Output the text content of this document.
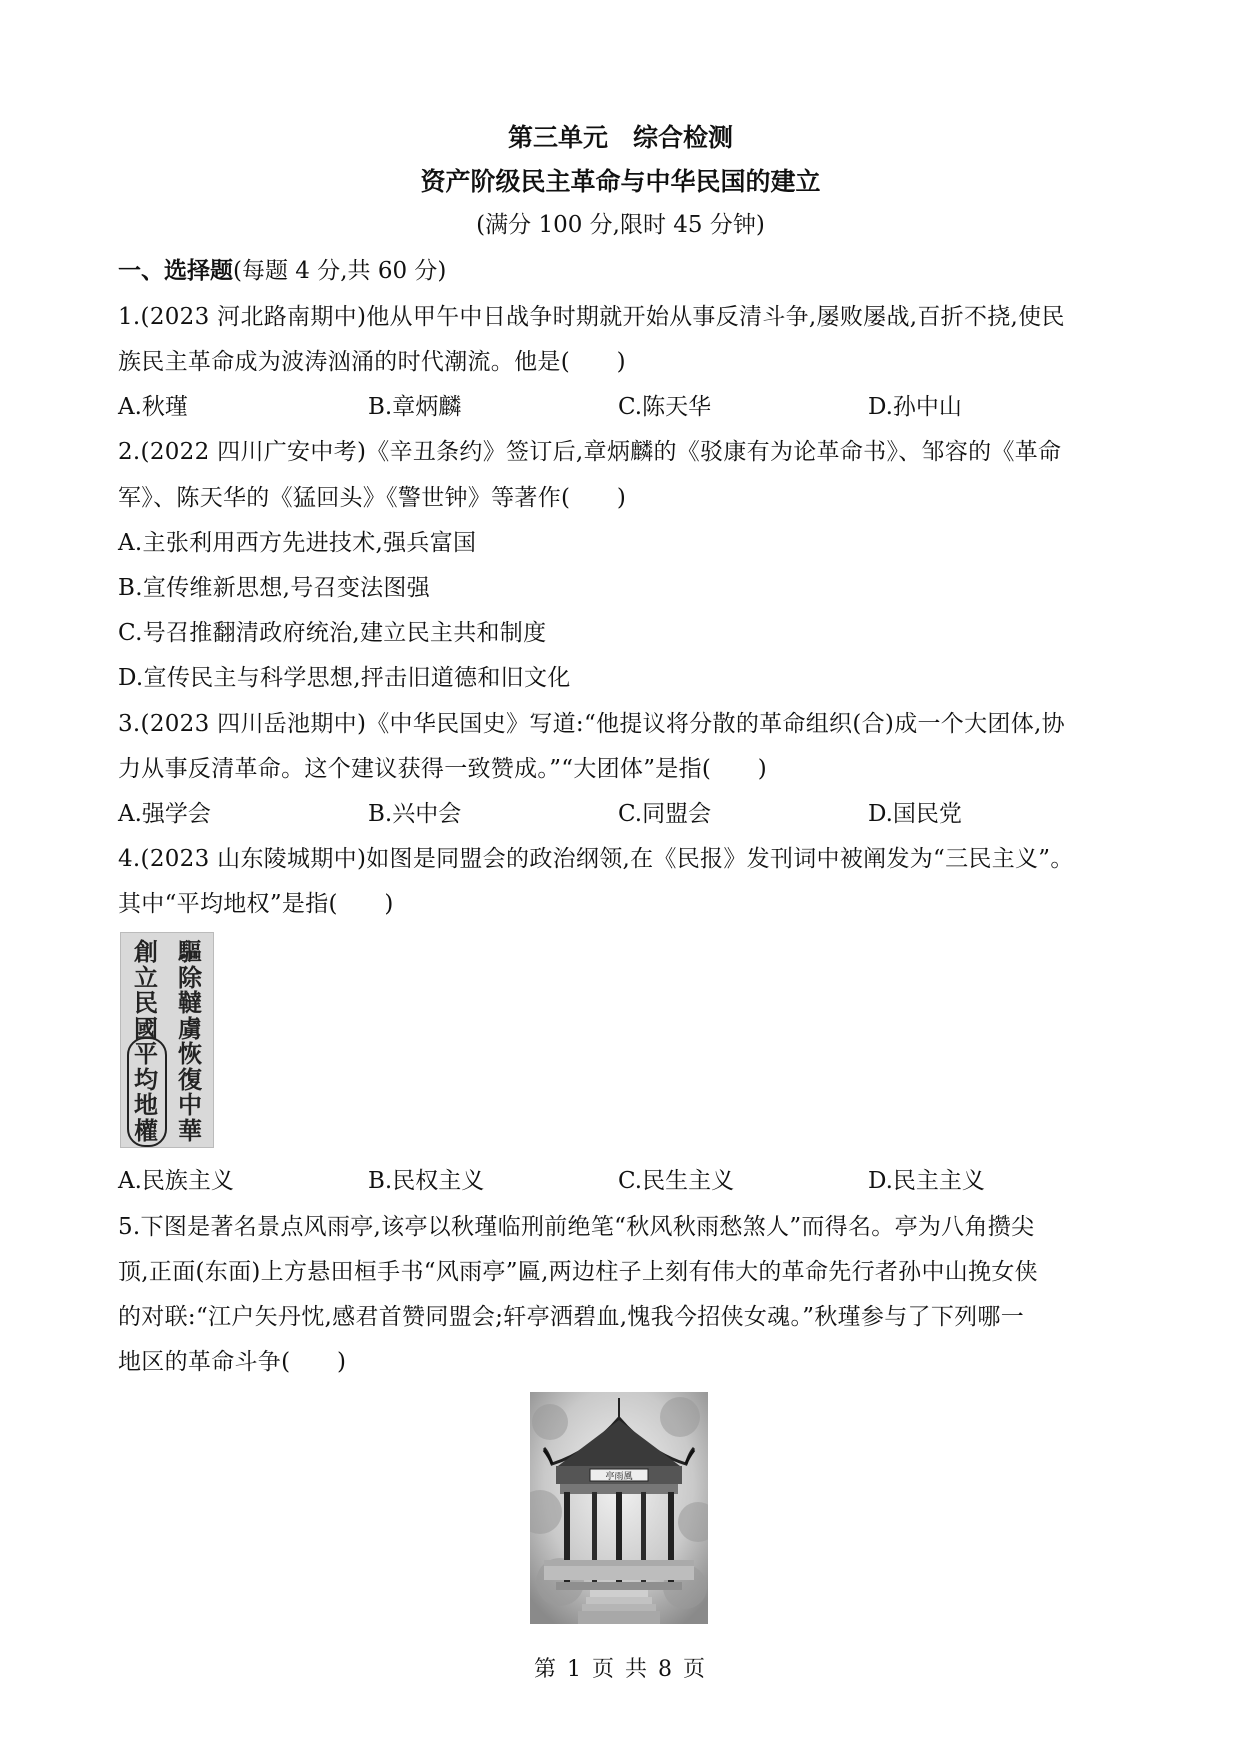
第三单元　综合检测
资产阶级民主革命与中华民国的建立
(满分 100 分,限时 45 分钟)
一、选择题(每题 4 分,共 60 分)
1.(2023 河北路南期中)他从甲午中日战争时期就开始从事反清斗争,屡败屡战,百折不挠,使民
族民主革命成为波涛汹涌的时代潮流。他是(　　)
A.秋瑾	B.章炳麟	C.陈天华	D.孙中山
2.(2022 四川广安中考)《辛丑条约》签订后,章炳麟的《驳康有为论革命书》、邹容的《革命
军》、陈天华的《猛回头》《警世钟》等著作(　　)
A.主张利用西方先进技术,强兵富国
B.宣传维新思想,号召变法图强
C.号召推翻清政府统治,建立民主共和制度
D.宣传民主与科学思想,抨击旧道德和旧文化
3.(2023 四川岳池期中)《中华民国史》写道:“他提议将分散的革命组织(合)成一个大团体,协
力从事反清革命。这个建议获得一致赞成。”“大团体”是指(　　)
A.强学会	B.兴中会	C.同盟会	D.国民党
4.(2023 山东陵城期中)如图是同盟会的政治纲领,在《民报》发刊词中被阐发为“三民主义”。
其中“平均地权”是指(　　)
創
立
民
國
平
均
地
權
驅
除
韃
虜
恢
復
中
華
A.民族主义	B.民权主义	C.民生主义	D.民主主义
5.下图是著名景点风雨亭,该亭以秋瑾临刑前绝笔“秋风秋雨愁煞人”而得名。亭为八角攒尖
顶,正面(东面)上方悬田桓手书“风雨亭”匾,两边柱子上刻有伟大的革命先行者孙中山挽女侠
的对联:“江户矢丹忱,感君首赞同盟会;轩亭洒碧血,愧我今招侠女魂。”秋瑾参与了下列哪一
地区的革命斗争(　　)
亭雨風
第 1 页 共 8 页
